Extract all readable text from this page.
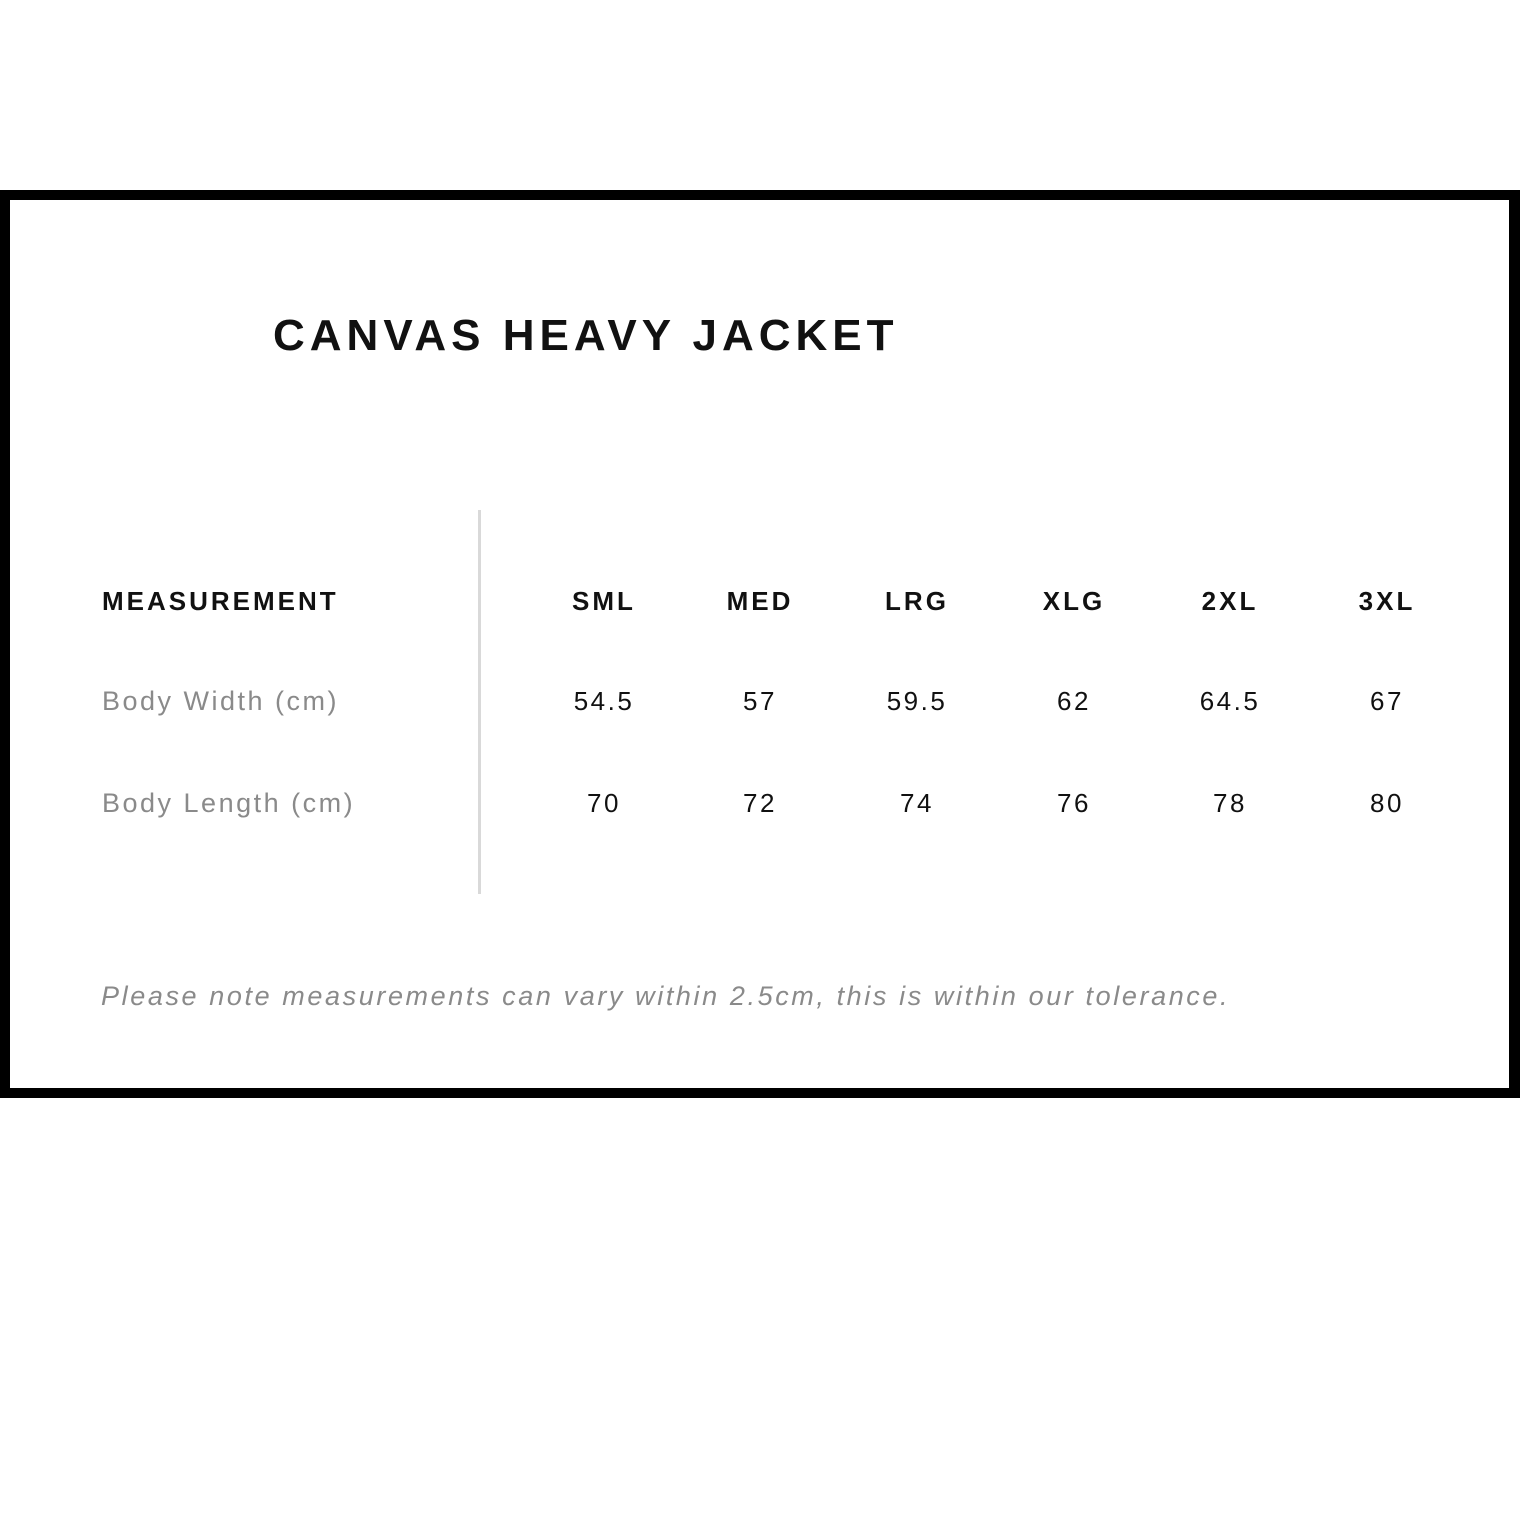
CANVAS HEAVY JACKET
MEASUREMENT	SML	MED	LRG	XLG	2XL	3XL
Body Width (cm)	54.5	57	59.5	62	64.5	67
Body Length (cm)	70	72	74	76	78	80
Please note measurements can vary within 2.5cm, this is within our tolerance.
